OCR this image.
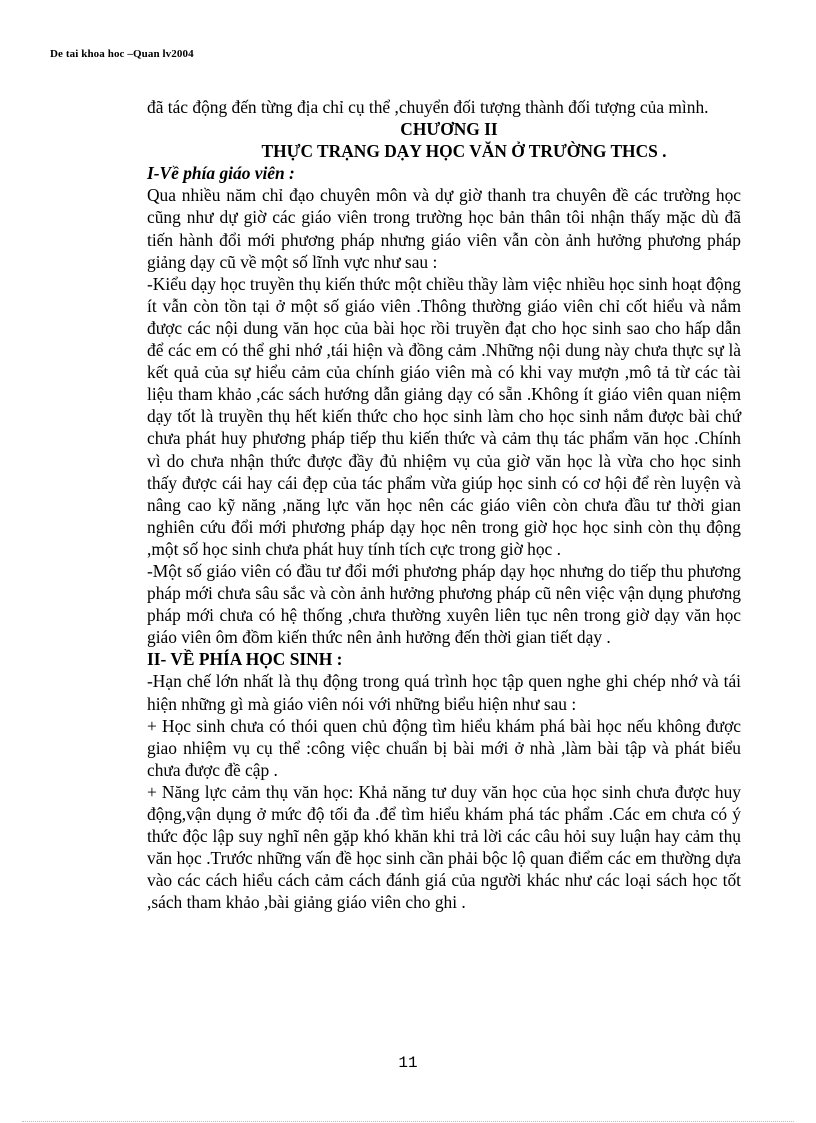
De tai khoa hoc –Quan lv2004

đã tác động đến từng địa chỉ cụ thể ,chuyển đối tượng thành đối tượng của mình.

CHƯƠNG II

THỰC TRẠNG DẠY HỌC VĂN Ở TRƯỜNG THCS .

I-Về phía giáo viên :

Qua nhiều năm chỉ đạo chuyên môn và dự giờ thanh tra chuyên đề các trường học cũng như dự giờ các giáo viên trong trường học bản thân tôi nhận thấy mặc dù đã tiến hành đổi mới phương pháp nhưng giáo viên vẫn còn ảnh hưởng phương pháp giảng dạy cũ về một số lĩnh vực như sau :

-Kiểu dạy học truyền thụ kiến thức một chiều thầy làm việc nhiều học sinh hoạt động ít vẫn còn tồn tại ở một số giáo viên .Thông thường giáo viên chỉ cốt hiểu và nắm được các nội dung văn học của bài học rồi truyền đạt cho học sinh sao cho hấp dẫn để các em có thể ghi nhớ ,tái hiện và đồng cảm .Những nội dung này chưa thực sự là kết quả của sự hiểu cảm của chính giáo viên mà có khi vay mượn ,mô tả từ các tài liệu tham khảo ,các sách hướng dẫn giảng dạy có sẵn .Không ít giáo viên quan niệm dạy tốt là truyền thụ hết kiến thức cho học sinh làm cho học sinh nắm được bài chứ chưa phát huy phương pháp tiếp thu kiến thức và cảm thụ tác phẩm văn học .Chính vì do chưa nhận thức được đầy đủ nhiệm vụ của giờ văn học là vừa cho học sinh thấy được cái hay cái đẹp của tác phẩm vừa giúp học sinh có cơ hội để rèn luyện và nâng cao kỹ năng ,năng lực văn học nên các giáo viên còn chưa đầu tư thời gian nghiên cứu đổi mới phương pháp dạy học nên trong giờ học học sinh còn thụ động ,một số học sinh chưa phát huy tính tích cực trong giờ học .

-Một số giáo viên có đầu tư đổi mới phương pháp dạy học nhưng do tiếp thu phương pháp mới chưa sâu sắc và còn ảnh hưởng phương pháp cũ nên việc vận dụng phương pháp mới chưa có hệ thống ,chưa thường xuyên liên tục nên trong giờ dạy văn học giáo viên ôm đồm kiến thức nên ảnh hưởng đến thời gian tiết dạy .

II- VỀ PHÍA HỌC SINH :

-Hạn chế lớn nhất là thụ động trong quá trình học tập quen nghe ghi chép nhớ và tái hiện những gì mà giáo viên nói với những biểu hiện như sau :

+ Học sinh chưa có thói quen chủ động tìm hiểu khám phá bài học nếu không được giao nhiệm vụ cụ thể :công việc chuẩn bị bài mới ở nhà ,làm bài tập và phát biểu chưa được đề cập .

+ Năng lực cảm thụ văn học: Khả năng tư duy văn học của học sinh chưa được huy động,vận dụng ở mức độ tối đa .để tìm hiểu khám phá tác phẩm .Các em chưa có ý thức độc lập suy nghĩ nên gặp khó khăn khi trả lời các câu hỏi suy luận hay cảm thụ văn học .Trước những vấn đề học sinh cần phải bộc lộ quan điểm các em thường dựa vào các cách hiểu cách cảm cách đánh giá của người khác như các loại sách học tốt ,sách tham khảo ,bài giảng giáo viên cho ghi .

11
